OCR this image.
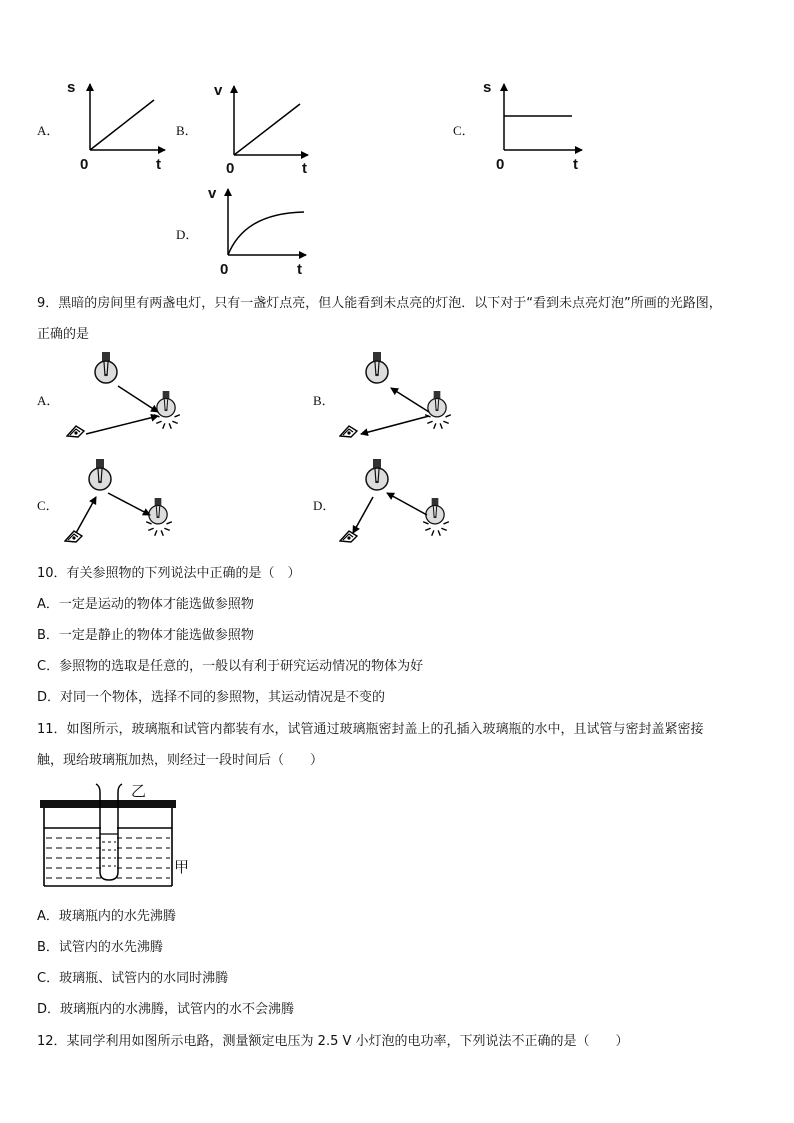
A．
s
t
0
B．
v
t
0
C．
s
t
0
D．
v
t
0
9．黑暗的房间里有两盏电灯，只有一盏灯点亮，但人能看到未点亮的灯泡．以下对于“看到未点亮灯泡”所画的光路图，
正确的是
A．	B．
C．	D．
10．有关参照物的下列说法中正确的是（　）
A．一定是运动的物体才能选做参照物
B．一定是静止的物体才能选做参照物
C．参照物的选取是任意的，一般以有利于研究运动情况的物体为好
D．对同一个物体，选择不同的参照物，其运动情况是不变的
11．如图所示，玻璃瓶和试管内都装有水，试管通过玻璃瓶密封盖上的孔插入玻璃瓶的水中，且试管与密封盖紧密接
触，现给玻璃瓶加热，则经过一段时间后（　　）
乙
甲
A．玻璃瓶内的水先沸腾
B．试管内的水先沸腾
C．玻璃瓶、试管内的水同时沸腾
D．玻璃瓶内的水沸腾，试管内的水不会沸腾
12．某同学利用如图所示电路，测量额定电压为 2.5 V 小灯泡的电功率，下列说法不正确的是（　　）
